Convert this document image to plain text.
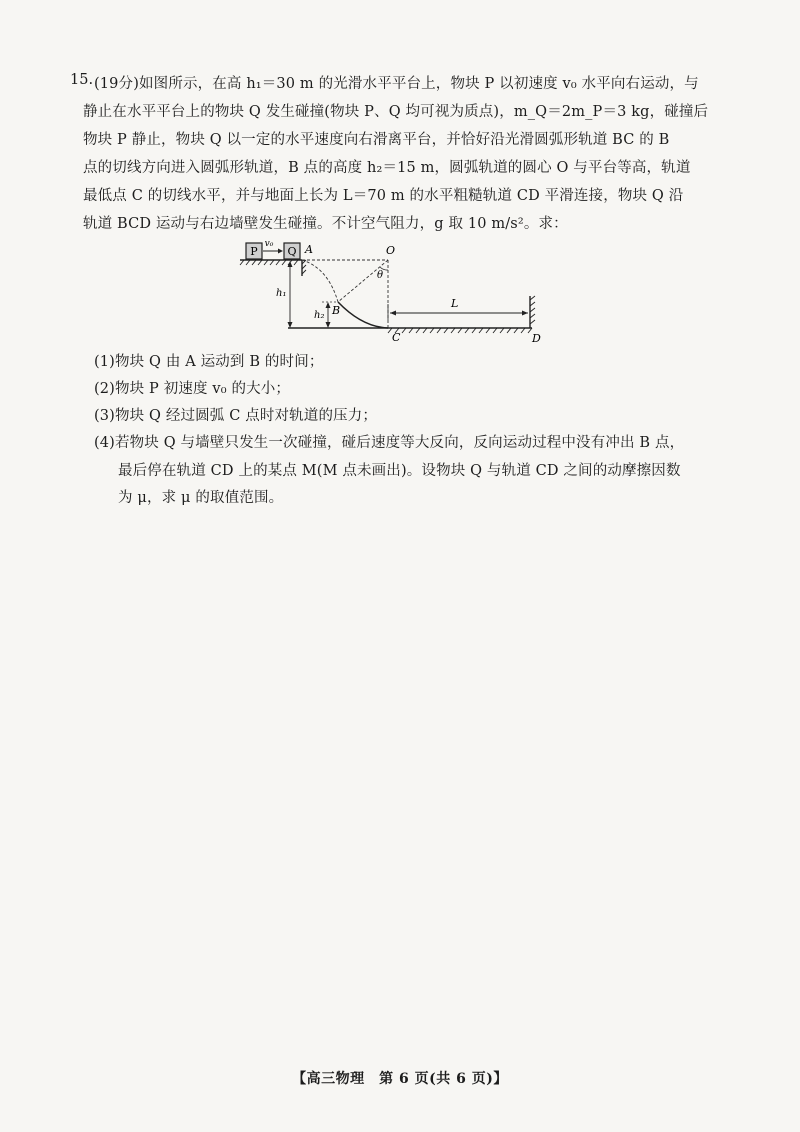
15. (19分)如图所示，在高 h₁＝30 m 的光滑水平平台上，物块 P 以初速度 v₀ 水平向右运动，与
静止在水平平台上的物块 Q 发生碰撞(物块 P、Q 均可视为质点)，m_Q＝2m_P＝3 kg，碰撞后
物块 P 静止，物块 Q 以一定的水平速度向右滑离平台，并恰好沿光滑圆弧形轨道 BC 的 B
点的切线方向进入圆弧形轨道，B 点的高度 h₂＝15 m，圆弧轨道的圆心 O 与平台等高，轨道
最低点 C 的切线水平，并与地面上长为 L＝70 m 的水平粗糙轨道 CD 平滑连接，物块 Q 沿
轨道 BCD 运动与右边墙壁发生碰撞。不计空气阻力，g 取 10 m/s²。求：
P
v₀
Q A	O
θ
B
h₁
h₂
C
L
D
(1)物块 Q 由 A 运动到 B 的时间；
(2)物块 P 初速度 v₀ 的大小；
(3)物块 Q 经过圆弧 C 点时对轨道的压力；
(4)若物块 Q 与墙壁只发生一次碰撞，碰后速度等大反向，反向运动过程中没有冲出 B 点，
最后停在轨道 CD 上的某点 M(M 点未画出)。设物块 Q 与轨道 CD 之间的动摩擦因数
为 μ，求 μ 的取值范围。
【高三物理　第 6 页(共 6 页)】
